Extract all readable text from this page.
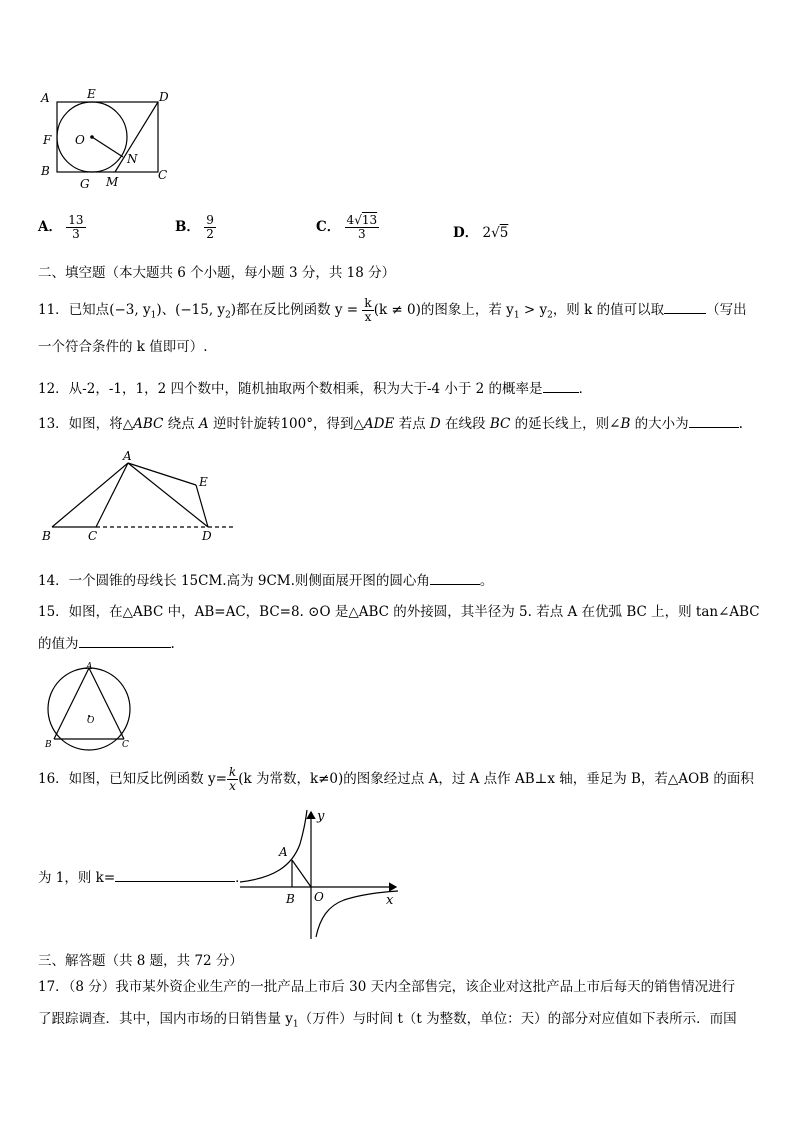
A	E	D
F O
N
B
G M	C
A． $\frac{13}{3}$	B． $\frac{9}{2}$	C． $\frac{4√13}{3}$	D． 2√5
二、填空题（本大题共 6 个小题，每小题 3 分，共 18 分）
11．已知点(−3, $y_1$)、(−15, $y_2$)都在反比例函数 $y = \frac{k}{x} (k \ne 0)$的图象上，若 $y_1 > y_2$，则 k 的值可以取	（写出
一个符合条件的 k 值即可）.
12．从-2，-1，1，2 四个数中，随机抽取两个数相乘，积为大于-4 小于 2 的概率是	．
13．如图，将△ABC 绕点 A 逆时针旋转100°，得到△ADE 若点 D 在线段 BC 的延长线上，则∠B 的大小为	.
A
E
B	C	D
14．一个圆锥的母线长 15CM.高为 9CM.则侧面展开图的圆心角	。
15．如图，在△ABC 中，AB=AC，BC=8. ⊙O 是△ABC 的外接圆，其半径为 5. 若点 A 在优弧 BC 上，则 tan∠ABC
的值为	.
A
O
B	C
16．如图，已知反比例函数 $y= \frac{k}{x} (k$ 为常数，k≠0)的图象经过点 A，过 A 点作 AB⊥x 轴，垂足为 B，若△AOB 的面积
为 1，则 k=	．
y
A
B O	x
三、解答题（共 8 题，共 72 分）
17．（8 分）我市某外资企业生产的一批产品上市后 30 天内全部售完，该企业对这批产品上市后每天的销售情况进行
了跟踪调查．其中，国内市场的日销售量 $y_1$（万件）与时间 t（t 为整数，单位：天）的部分对应值如下表所示．而国
